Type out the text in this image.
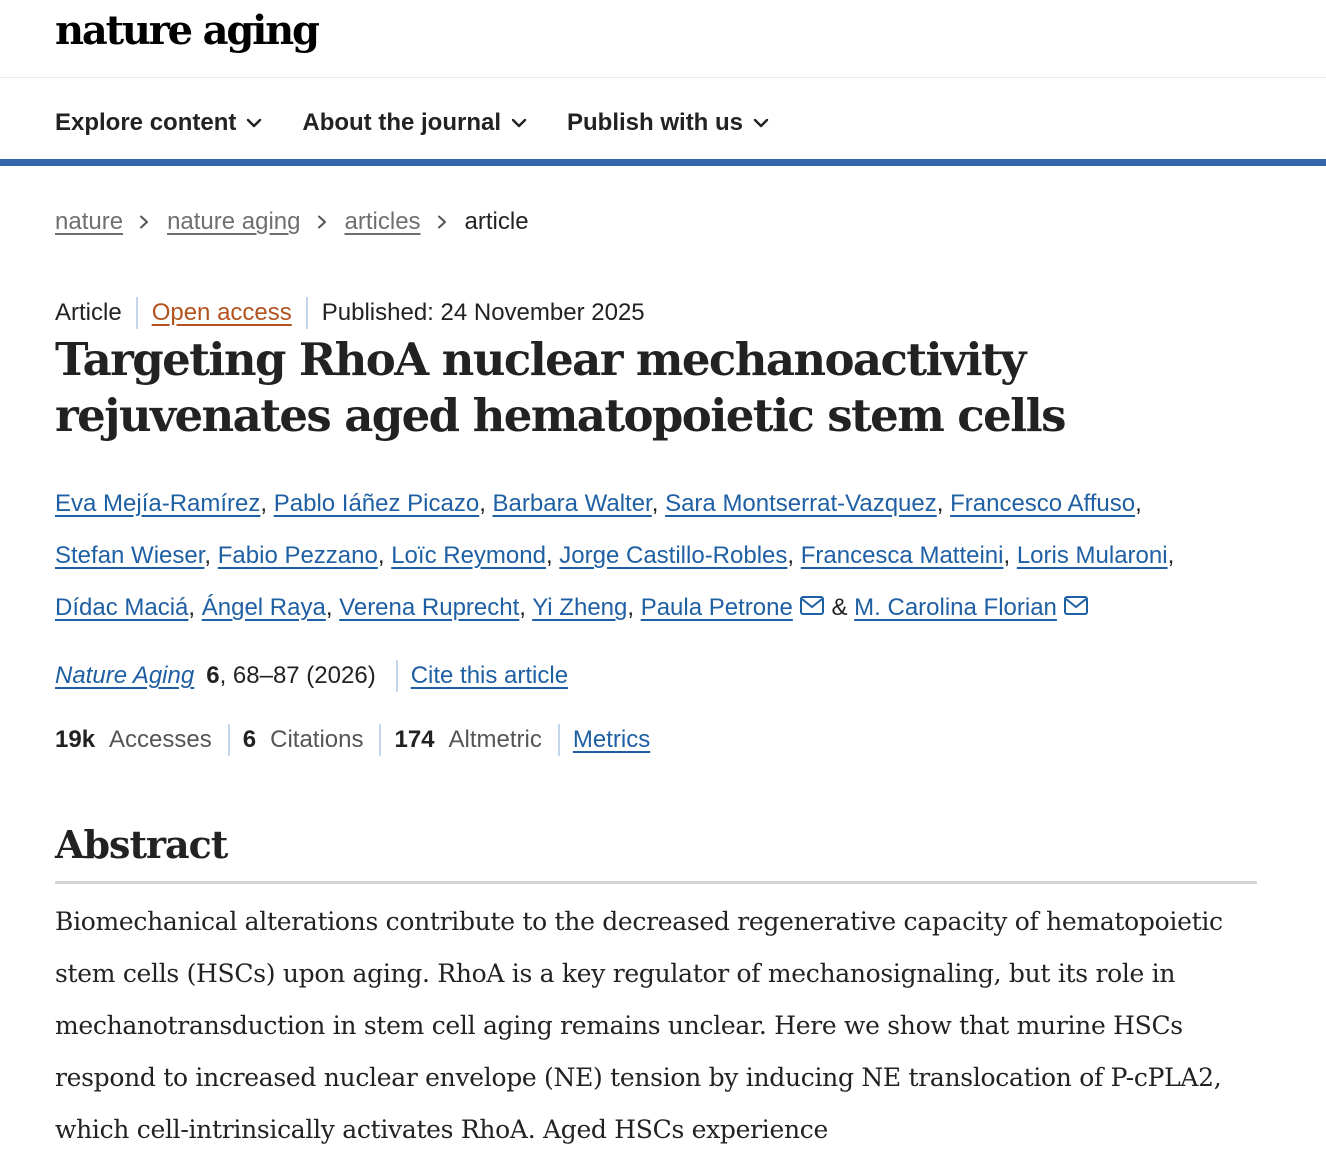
nature aging
Explore content	About the journal	Publish with us
nature nature aging articles article
Article Open access Published: 24 November 2025
Targeting RhoA nuclear mechanoactivity rejuvenates aged hematopoietic stem cells
Eva Mejía-Ramírez, Pablo Iáñez Picazo, Barbara Walter, Sara Montserrat-Vazquez, Francesco Affuso, Stefan Wieser, Fabio Pezzano, Loïc Reymond, Jorge Castillo-Robles, Francesca Matteini, Loris Mularoni, Dídac Maciá, Ángel Raya, Verena Ruprecht, Yi Zheng, Paula Petrone & M. Carolina Florian
Nature Aging 6 , 68–87 (2026) Cite this article
19k Accesses 6 Citations 174 Altmetric Metrics
Abstract

Biomechanical alterations contribute to the decreased regenerative capacity of hematopoietic stem cells (HSCs) upon aging. RhoA is a key regulator of mechanosignaling, but its role in mechanotransduction in stem cell aging remains unclear. Here we show that murine HSCs respond to increased nuclear envelope (NE) tension by inducing NE translocation of P-cPLA2, which cell-intrinsically activates RhoA. Aged HSCs experience
